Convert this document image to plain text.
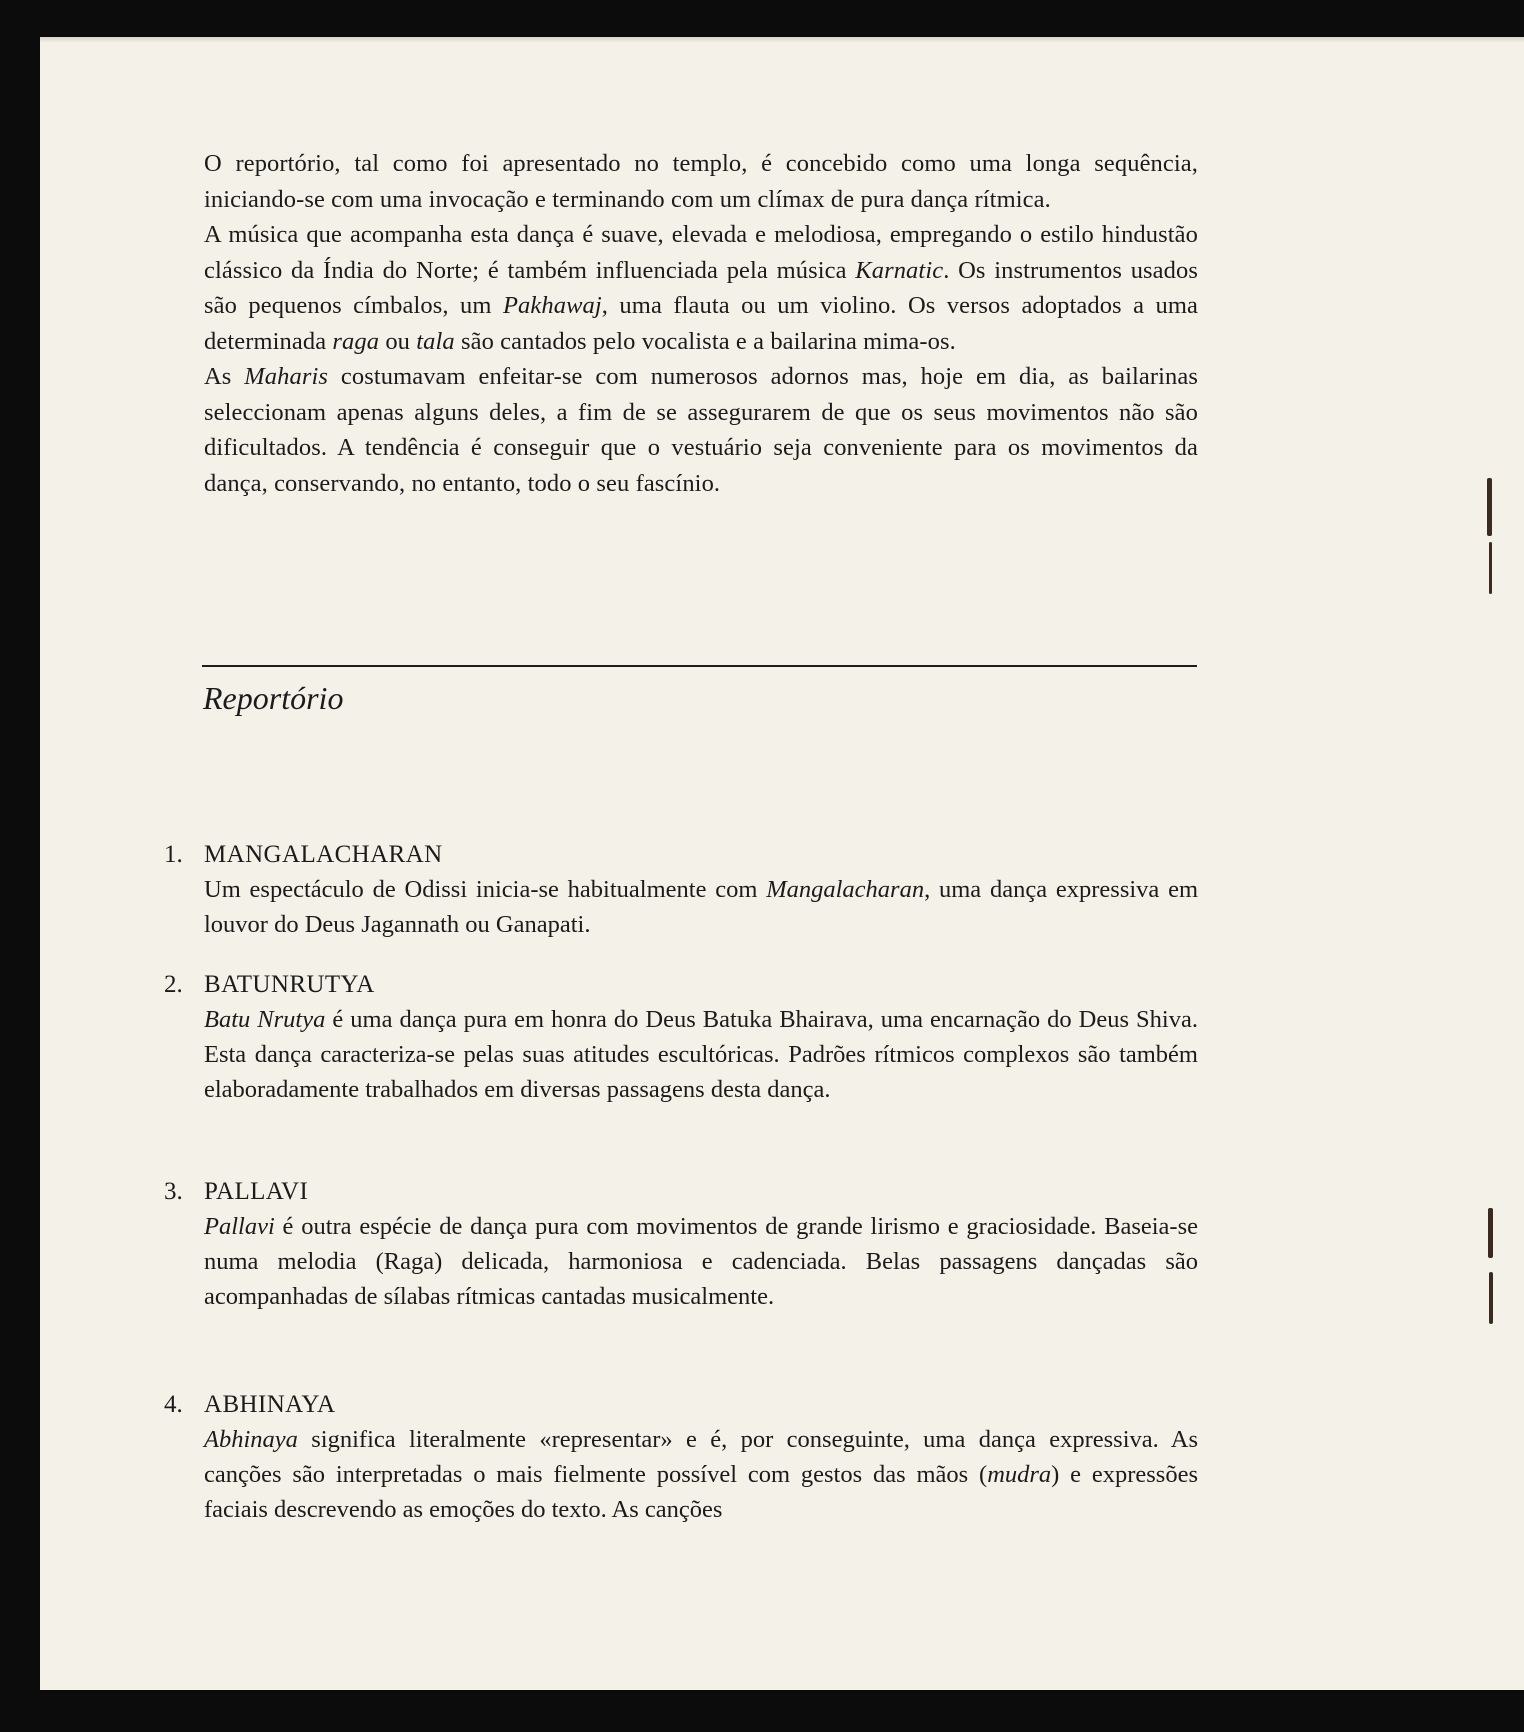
O reportório, tal como foi apresentado no templo, é concebido como uma longa sequência, iniciando-se com uma invocação e terminando com um clímax de pura dança rítmica.

A música que acompanha esta dança é suave, elevada e melodiosa, empregando o estilo hindustão clássico da Índia do Norte; é também influenciada pela música Karnatic. Os instrumentos usados são pequenos címbalos, um Pakhawaj, uma flauta ou um violino. Os versos adoptados a uma determinada raga ou tala são cantados pelo vocalista e a bailarina mima-os.

As Maharis costumavam enfeitar-se com numerosos adornos mas, hoje em dia, as bailarinas seleccionam apenas alguns deles, a fim de se assegurarem de que os seus movimentos não são dificultados. A tendência é conseguir que o vestuário seja conveniente para os movimentos da dança, conservando, no entanto, todo o seu fascínio.

Reportório
1. MANGALACHARAN

Um espectáculo de Odissi inicia-se habitualmente com Mangalacharan, uma dança expressiva em louvor do Deus Jagannath ou Ganapati.

2. BATUNRUTYA

Batu Nrutya é uma dança pura em honra do Deus Batuka Bhairava, uma encarnação do Deus Shiva. Esta dança caracteriza-se pelas suas atitudes escultóricas. Padrões rítmicos complexos são também elaboradamente trabalhados em diversas passagens desta dança.

3. PALLAVI

Pallavi é outra espécie de dança pura com movimentos de grande lirismo e graciosidade. Baseia-se numa melodia (Raga) delicada, harmoniosa e cadenciada. Belas passagens dançadas são acompanhadas de sílabas rítmicas cantadas musicalmente.

4. ABHINAYA

Abhinaya significa literalmente «representar» e é, por conseguinte, uma dança expressiva. As canções são interpretadas o mais fielmente possível com gestos das mãos (mudra) e expressões faciais descrevendo as emoções do texto. As canções
